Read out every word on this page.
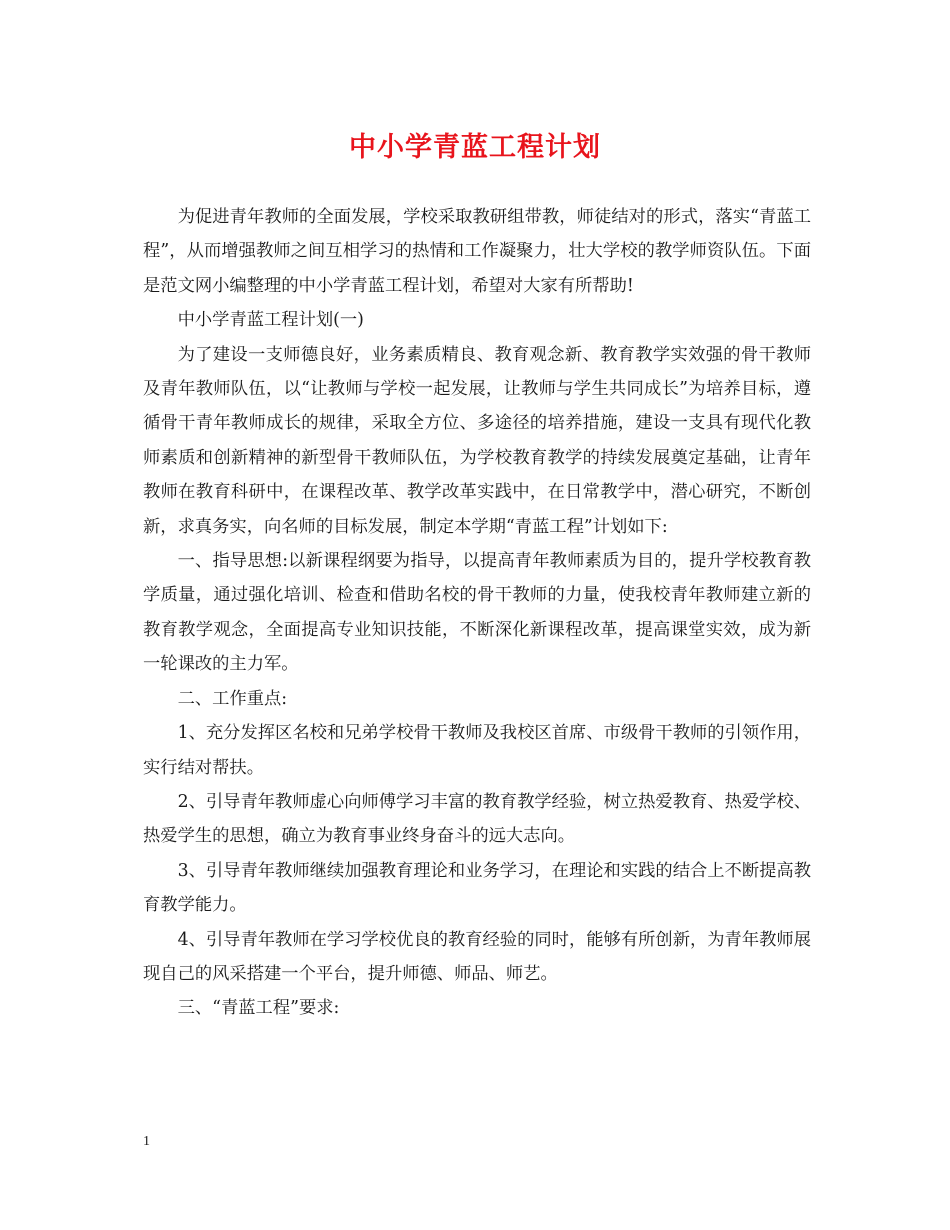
中小学青蓝工程计划

为促进青年教师的全面发展，学校采取教研组带教，师徒结对的形式，落实“青蓝工程”，从而增强教师之间互相学习的热情和工作凝聚力，壮大学校的教学师资队伍。下面是范文网小编整理的中小学青蓝工程计划，希望对大家有所帮助!

中小学青蓝工程计划(一)

为了建设一支师德良好，业务素质精良、教育观念新、教育教学实效强的骨干教师及青年教师队伍，以“让教师与学校一起发展，让教师与学生共同成长”为培养目标，遵循骨干青年教师成长的规律，采取全方位、多途径的培养措施，建设一支具有现代化教师素质和创新精神的新型骨干教师队伍，为学校教育教学的持续发展奠定基础，让青年教师在教育科研中，在课程改革、教学改革实践中，在日常教学中，潜心研究，不断创新，求真务实，向名师的目标发展，制定本学期“青蓝工程”计划如下:

一、指导思想:以新课程纲要为指导，以提高青年教师素质为目的，提升学校教育教学质量，通过强化培训、检查和借助名校的骨干教师的力量，使我校青年教师建立新的教育教学观念，全面提高专业知识技能，不断深化新课程改革，提高课堂实效，成为新一轮课改的主力军。

二、工作重点:

1、充分发挥区名校和兄弟学校骨干教师及我校区首席、市级骨干教师的引领作用，实行结对帮扶。

2、引导青年教师虚心向师傅学习丰富的教育教学经验，树立热爱教育、热爱学校、热爱学生的思想，确立为教育事业终身奋斗的远大志向。

3、引导青年教师继续加强教育理论和业务学习，在理论和实践的结合上不断提高教育教学能力。

4、引导青年教师在学习学校优良的教育经验的同时，能够有所创新，为青年教师展现自己的风采搭建一个平台，提升师德、师品、师艺。

三、“青蓝工程”要求:

1
